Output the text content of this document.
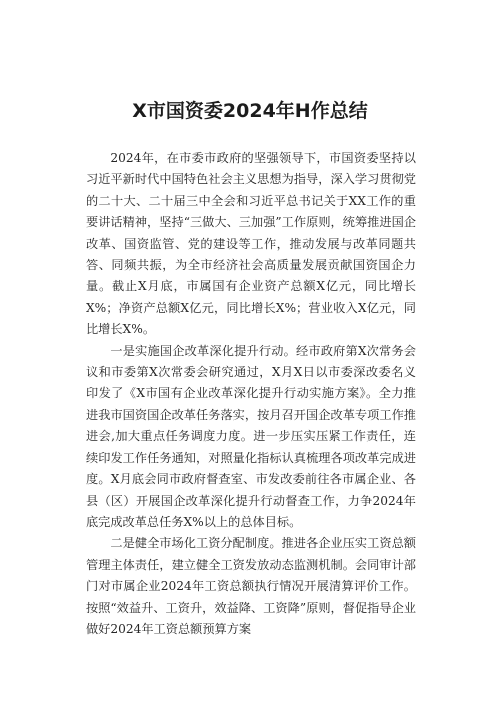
X市国资委2024年H作总结

2024年，在市委市政府的坚强领导下，市国资委坚持以习近平新时代中国特色社会主义思想为指导，深入学习贯彻党的二十大、二十届三中全会和习近平总书记关于XX工作的重要讲话精神，坚持“三做大、三加强”工作原则，统筹推进国企改革、国资监管、党的建设等工作，推动发展与改革同题共答、同频共振，为全市经济社会高质量发展贡献国资国企力量。截止X月底，市属国有企业资产总额X亿元，同比增长X%；净资产总额X亿元，同比增长X%；营业收入X亿元，同比增长X%。

一是实施国企改革深化提升行动。经市政府第X次常务会议和市委第X次常委会研究通过，X月X日以市委深改委名义印发了《X市国有企业改革深化提升行动实施方案》。全力推进我市国资国企改革任务落实，按月召开国企改革专项工作推进会,加大重点任务调度力度。进一步压实压紧工作责任，连续印发工作任务通知，对照量化指标认真梳理各项改革完成进度。X月底会同市政府督查室、市发改委前往各市属企业、各县（区）开展国企改革深化提升行动督查工作，力争2024年底完成改革总任务X%以上的总体目标。

二是健全市场化工资分配制度。推进各企业压实工资总额管理主体责任，建立健全工资发放动态监测机制。会同审计部门对市属企业2024年工资总额执行情况开展清算评价工作。按照“效益升、工资升，效益降、工资降”原则，督促指导企业做好2024年工资总额预算方案
